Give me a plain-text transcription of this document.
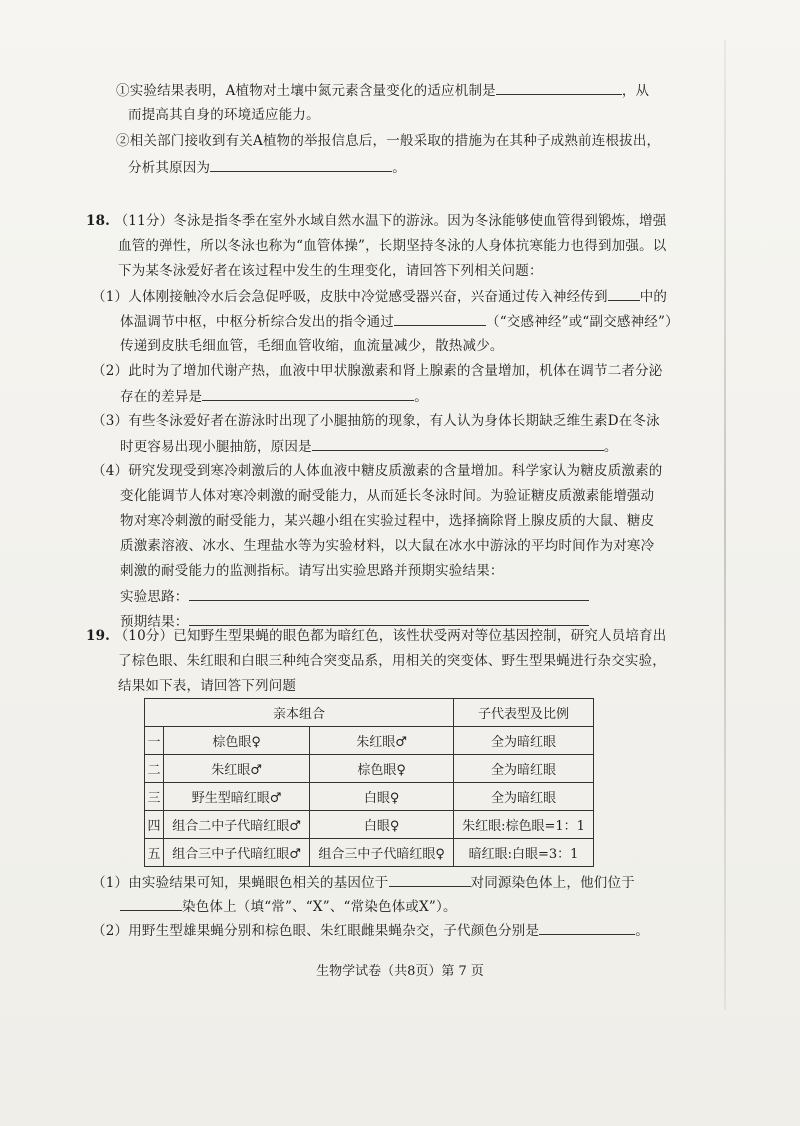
①实验结果表明，A植物对土壤中氮元素含量变化的适应机制是	，从
而提高其自身的环境适应能力。
②相关部门接收到有关A植物的举报信息后，一般采取的措施为在其种子成熟前连根拔出，
分析其原因为	。
18. （11分）冬泳是指冬季在室外水域自然水温下的游泳。因为冬泳能够使血管得到锻炼，增强
血管的弹性，所以冬泳也称为“血管体操”，长期坚持冬泳的人身体抗寒能力也得到加强。以
下为某冬泳爱好者在该过程中发生的生理变化，请回答下列相关问题：
（1）人体刚接触冷水后会急促呼吸，皮肤中冷觉感受器兴奋，兴奋通过传入神经传到 中的
体温调节中枢，中枢分析综合发出的指令通过	（“交感神经”或“副交感神经”）
传递到皮肤毛细血管，毛细血管收缩，血流量减少，散热减少。
（2）此时为了增加代谢产热，血液中甲状腺激素和肾上腺素的含量增加，机体在调节二者分泌
存在的差异是	。
（3）有些冬泳爱好者在游泳时出现了小腿抽筋的现象，有人认为身体长期缺乏维生素D在冬泳
时更容易出现小腿抽筋，原因是	。
（4）研究发现受到寒冷刺激后的人体血液中糖皮质激素的含量增加。科学家认为糖皮质激素的
变化能调节人体对寒冷刺激的耐受能力，从而延长冬泳时间。为验证糖皮质激素能增强动
物对寒冷刺激的耐受能力，某兴趣小组在实验过程中，选择摘除肾上腺皮质的大鼠、糖皮
质激素溶液、冰水、生理盐水等为实验材料，以大鼠在冰水中游泳的平均时间作为对寒冷
刺激的耐受能力的监测指标。请写出实验思路并预期实验结果：
实验思路：
预期结果：
19. （10分）已知野生型果蝇的眼色都为暗红色，该性状受两对等位基因控制，研究人员培育出
了棕色眼、朱红眼和白眼三种纯合突变品系，用相关的突变体、野生型果蝇进行杂交实验，
亲本组合			子代表型及比例
一	棕色眼♀	朱红眼♂	全为暗红眼
二	朱红眼♂	棕色眼♀	全为暗红眼
三	野生型暗红眼♂	白眼♀	全为暗红眼
四	组合二中子代暗红眼♂	白眼♀	朱红眼:棕色眼=1：1
五	组合三中子代暗红眼♂	组合三中子代暗红眼♀	暗红眼:白眼=3：1
结果如下表，请回答下列问题
（1）由实验结果可知，果蝇眼色相关的基因位于	对同源染色体上，他们位于
染色体上（填“常”、“X”、“常染色体或X”）。
（2）用野生型雄果蝇分别和棕色眼、朱红眼雌果蝇杂交，子代颜色分别是	。
生物学试卷（共8页）第 7 页
